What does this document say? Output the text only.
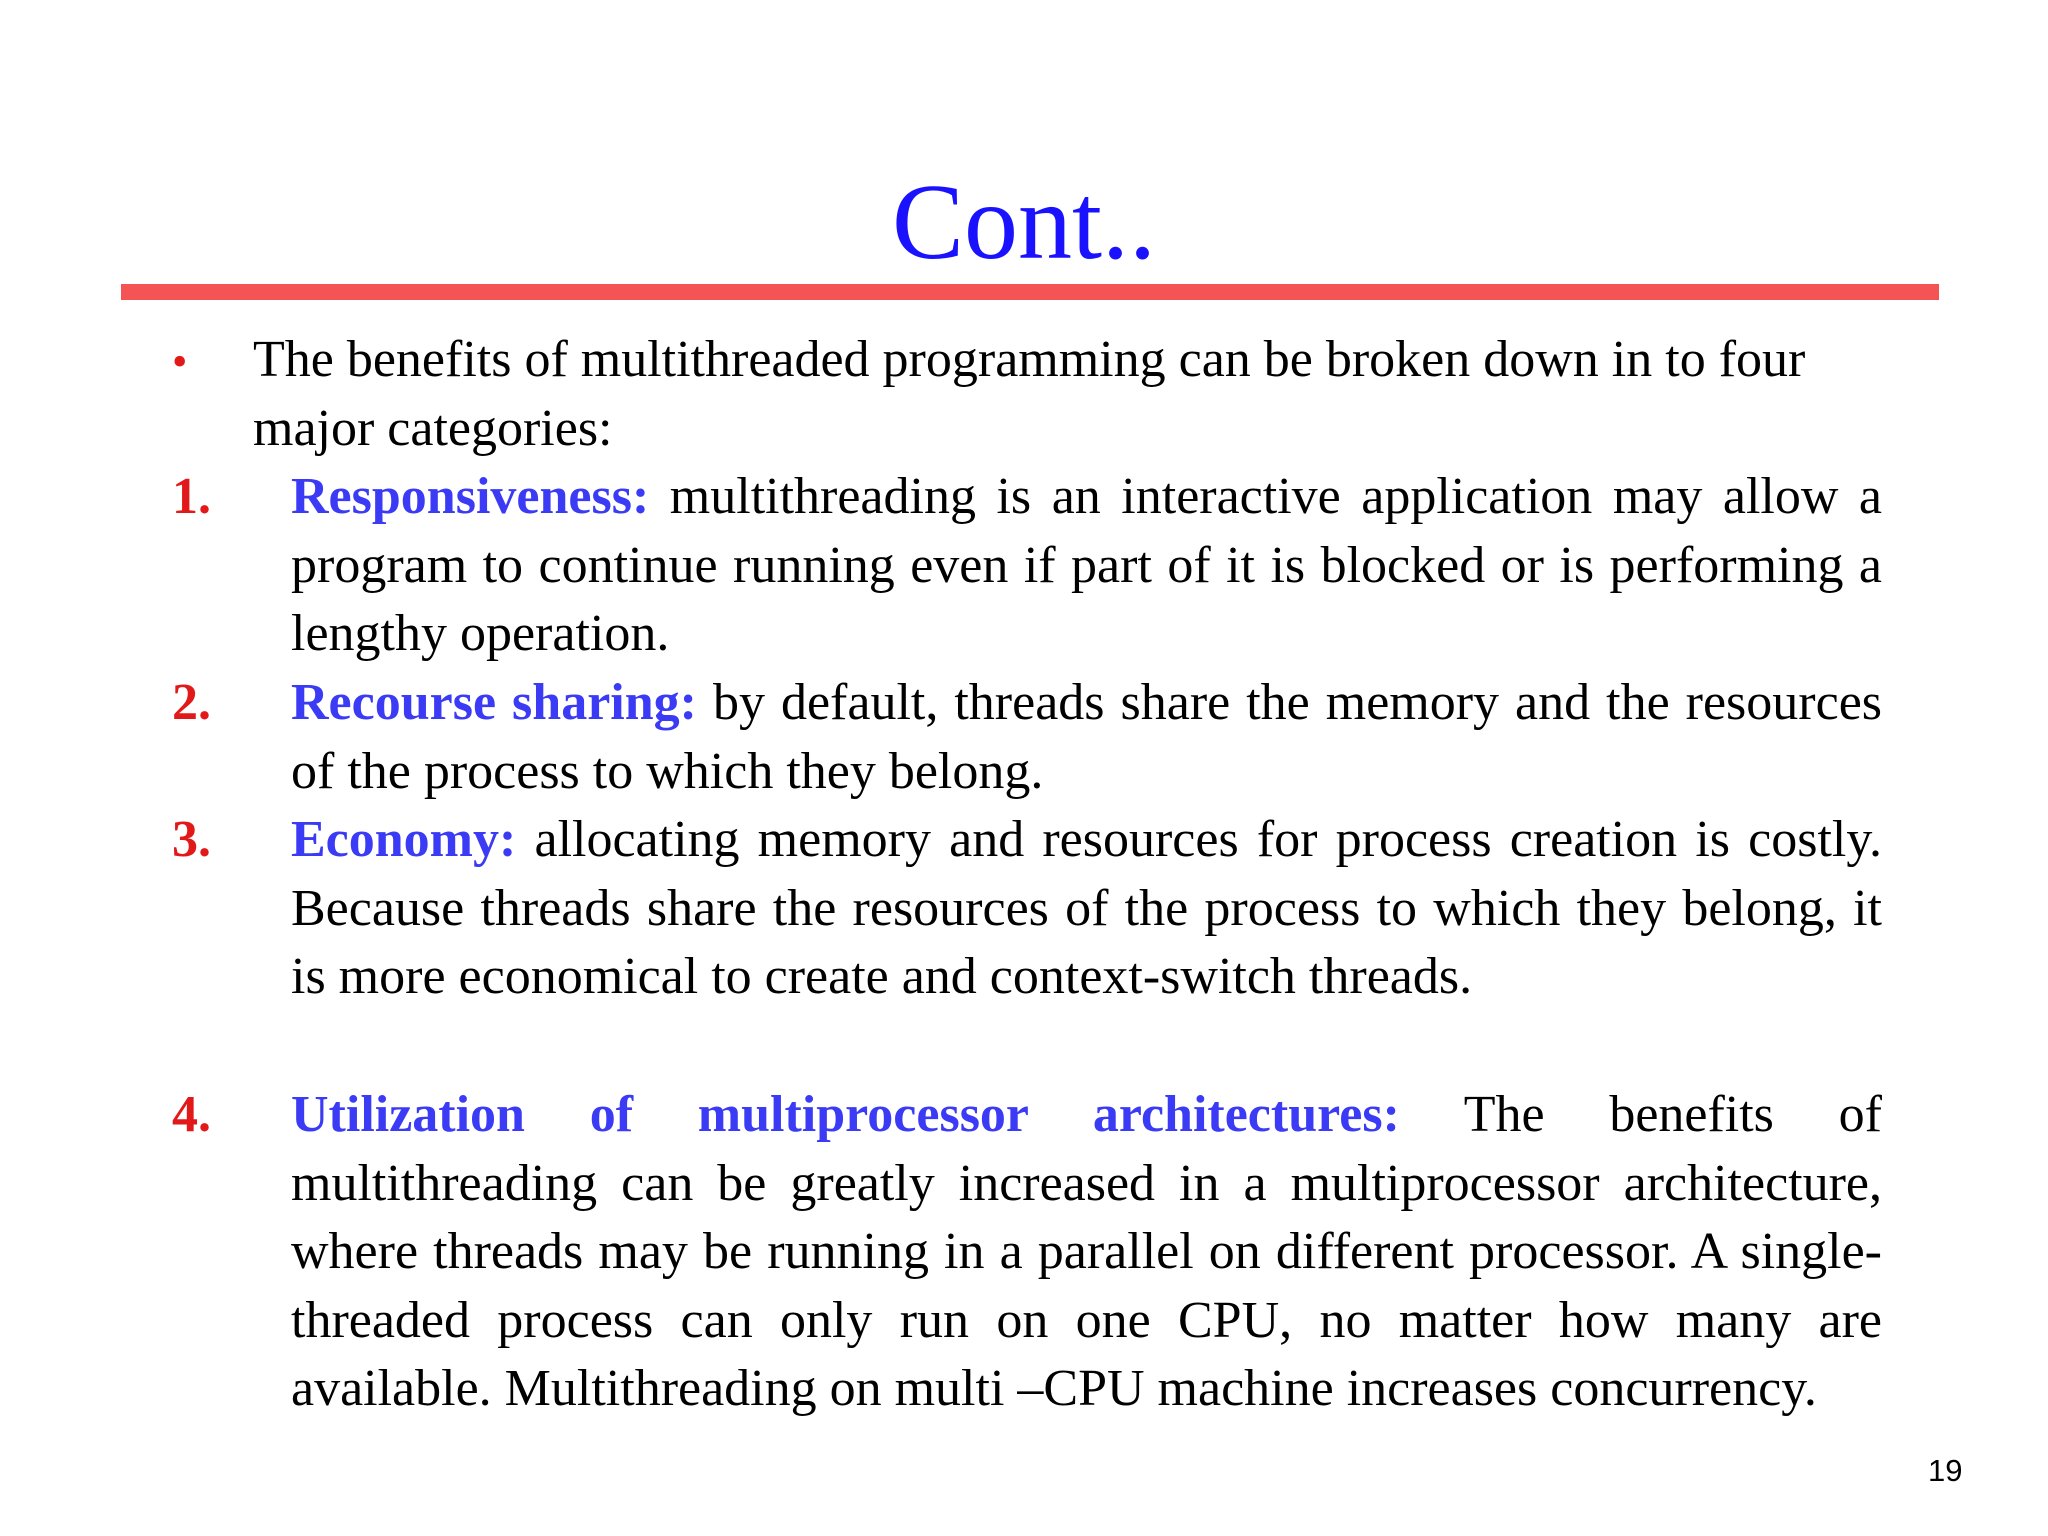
Cont..
• The benefits of multithreaded programming can be broken down in to four major categories:

1. Responsiveness: multithreading is an interactive application may allow a program to continue running even if part of it is blocked or is performing a lengthy operation.

2. Recourse sharing: by default, threads share the memory and the resources of the process to which they belong.

3. Economy: allocating memory and resources for process creation is costly. Because threads share the resources of the process to which they belong, it is more economical to create and context-switch threads.

4. Utilization of multiprocessor architectures: The benefits of multithreading can be greatly increased in a multiprocessor architecture, where threads may be running in a parallel on different processor. A single- threaded process can only run on one CPU, no matter how many are available. Multithreading on multi –CPU machine increases concurrency.

19
